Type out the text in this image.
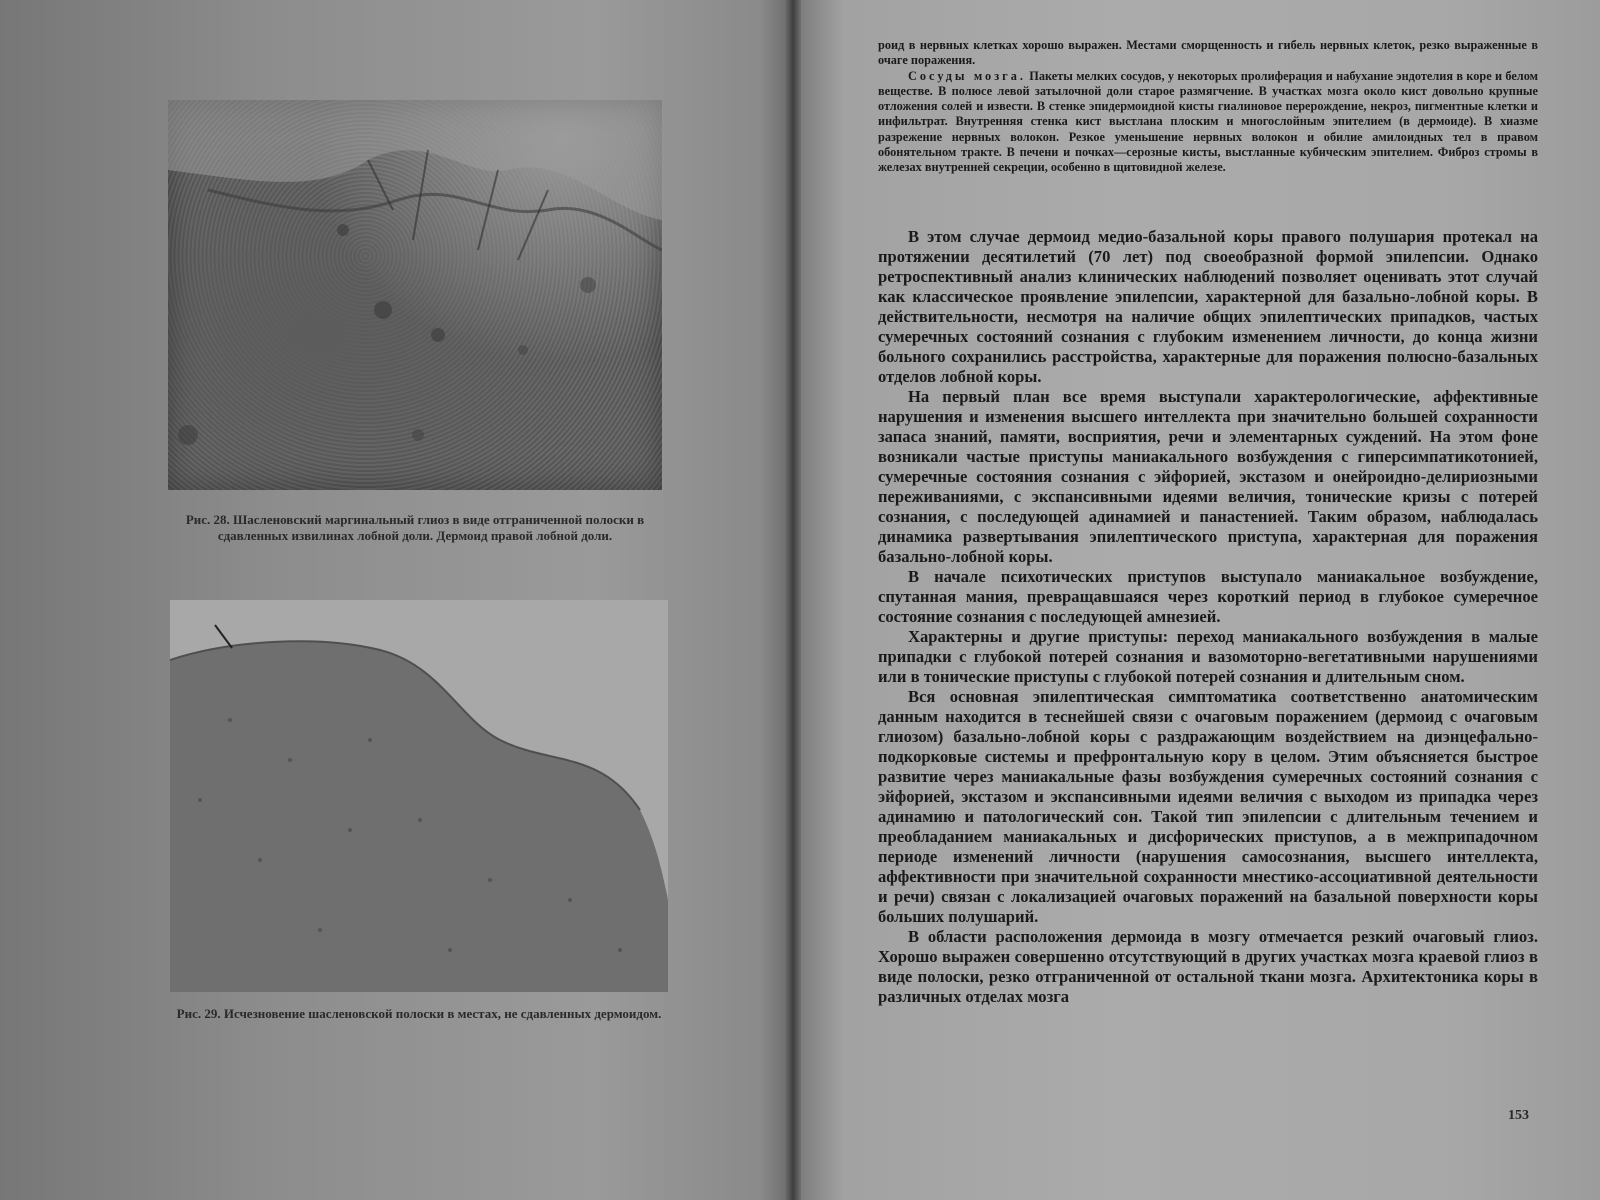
Рис. 28. Шасленовский маргинальный глиоз в виде отграниченной полоски в сдавленных извилинах лобной доли. Дермоид правой лобной доли.
Рис. 29. Исчезновение шасленовской полоски в местах, не сдавленных дермоидом.

роид в нервных клетках хорошо выражен. Местами сморщенность и гибель нервных клеток, резко выраженные в очаге поражения.

Сосуды мозга. Пакеты мелких сосудов, у некоторых пролиферация и набухание эндотелия в коре и белом веществе. В полюсе левой затылочной доли старое размягчение. В участках мозга около кист довольно крупные отложения солей и извести. В стенке эпидермоидной кисты гиалиновое перерождение, некроз, пигментные клетки и инфильтрат. Внутренняя стенка кист выстлана плоским и многослойным эпителием (в дермоиде). В хиазме разрежение нервных волокон. Резкое уменьшение нервных волокон и обилие амилоидных тел в правом обонятельном тракте. В печени и почках—серозные кисты, выстланные кубическим эпителием. Фиброз стромы в железах внутренней секреции, особенно в щитовидной железе.

В этом случае дермоид медио-базальной коры правого полушария протекал на протяжении десятилетий (70 лет) под своеобразной формой эпилепсии. Однако ретроспективный анализ клинических наблюдений позволяет оценивать этот случай как классическое проявление эпилепсии, характерной для базально-лобной коры. В действительности, несмотря на наличие общих эпилептических припадков, частых сумеречных состояний сознания с глубоким изменением личности, до конца жизни больного сохранились расстройства, характерные для поражения полюсно-базальных отделов лобной коры.

На первый план все время выступали характерологические, аффективные нарушения и изменения высшего интеллекта при значительно большей сохранности запаса знаний, памяти, восприятия, речи и элементарных суждений. На этом фоне возникали частые приступы маниакального возбуждения с гиперсимпатикотонией, сумеречные состояния сознания с эйфорией, экстазом и онейроидно-делириозными переживаниями, с экспансивными идеями величия, тонические кризы с потерей сознания, с последующей адинамией и панастенией. Таким образом, наблюдалась динамика развертывания эпилептического приступа, характерная для поражения базально-лобной коры.

В начале психотических приступов выступало маниакальное возбуждение, спутанная мания, превращавшаяся через короткий период в глубокое сумеречное состояние сознания с последующей амнезией.

Характерны и другие приступы: переход маниакального возбуждения в малые припадки с глубокой потерей сознания и вазомоторно-вегетативными нарушениями или в тонические приступы с глубокой потерей сознания и длительным сном.

Вся основная эпилептическая симптоматика соответственно анатомическим данным находится в теснейшей связи с очаговым поражением (дермоид с очаговым глиозом) базально-лобной коры с раздражающим воздействием на диэнцефально-подкорковые системы и префронтальную кору в целом. Этим объясняется быстрое развитие через маниакальные фазы возбуждения сумеречных состояний сознания с эйфорией, экстазом и экспансивными идеями величия с выходом из припадка через адинамию и патологический сон. Такой тип эпилепсии с длительным течением и преобладанием маниакальных и дисфорических приступов, а в межприпадочном периоде изменений личности (нарушения самосознания, высшего интеллекта, аффективности при значительной сохранности мнестико-ассоциативной деятельности и речи) связан с локализацией очаговых поражений на базальной поверхности коры больших полушарий.

В области расположения дермоида в мозгу отмечается резкий очаговый глиоз. Хорошо выражен совершенно отсутствующий в других участках мозга краевой глиоз в виде полоски, резко отграниченной от остальной ткани мозга. Архитектоника коры в различных отделах мозга

153
